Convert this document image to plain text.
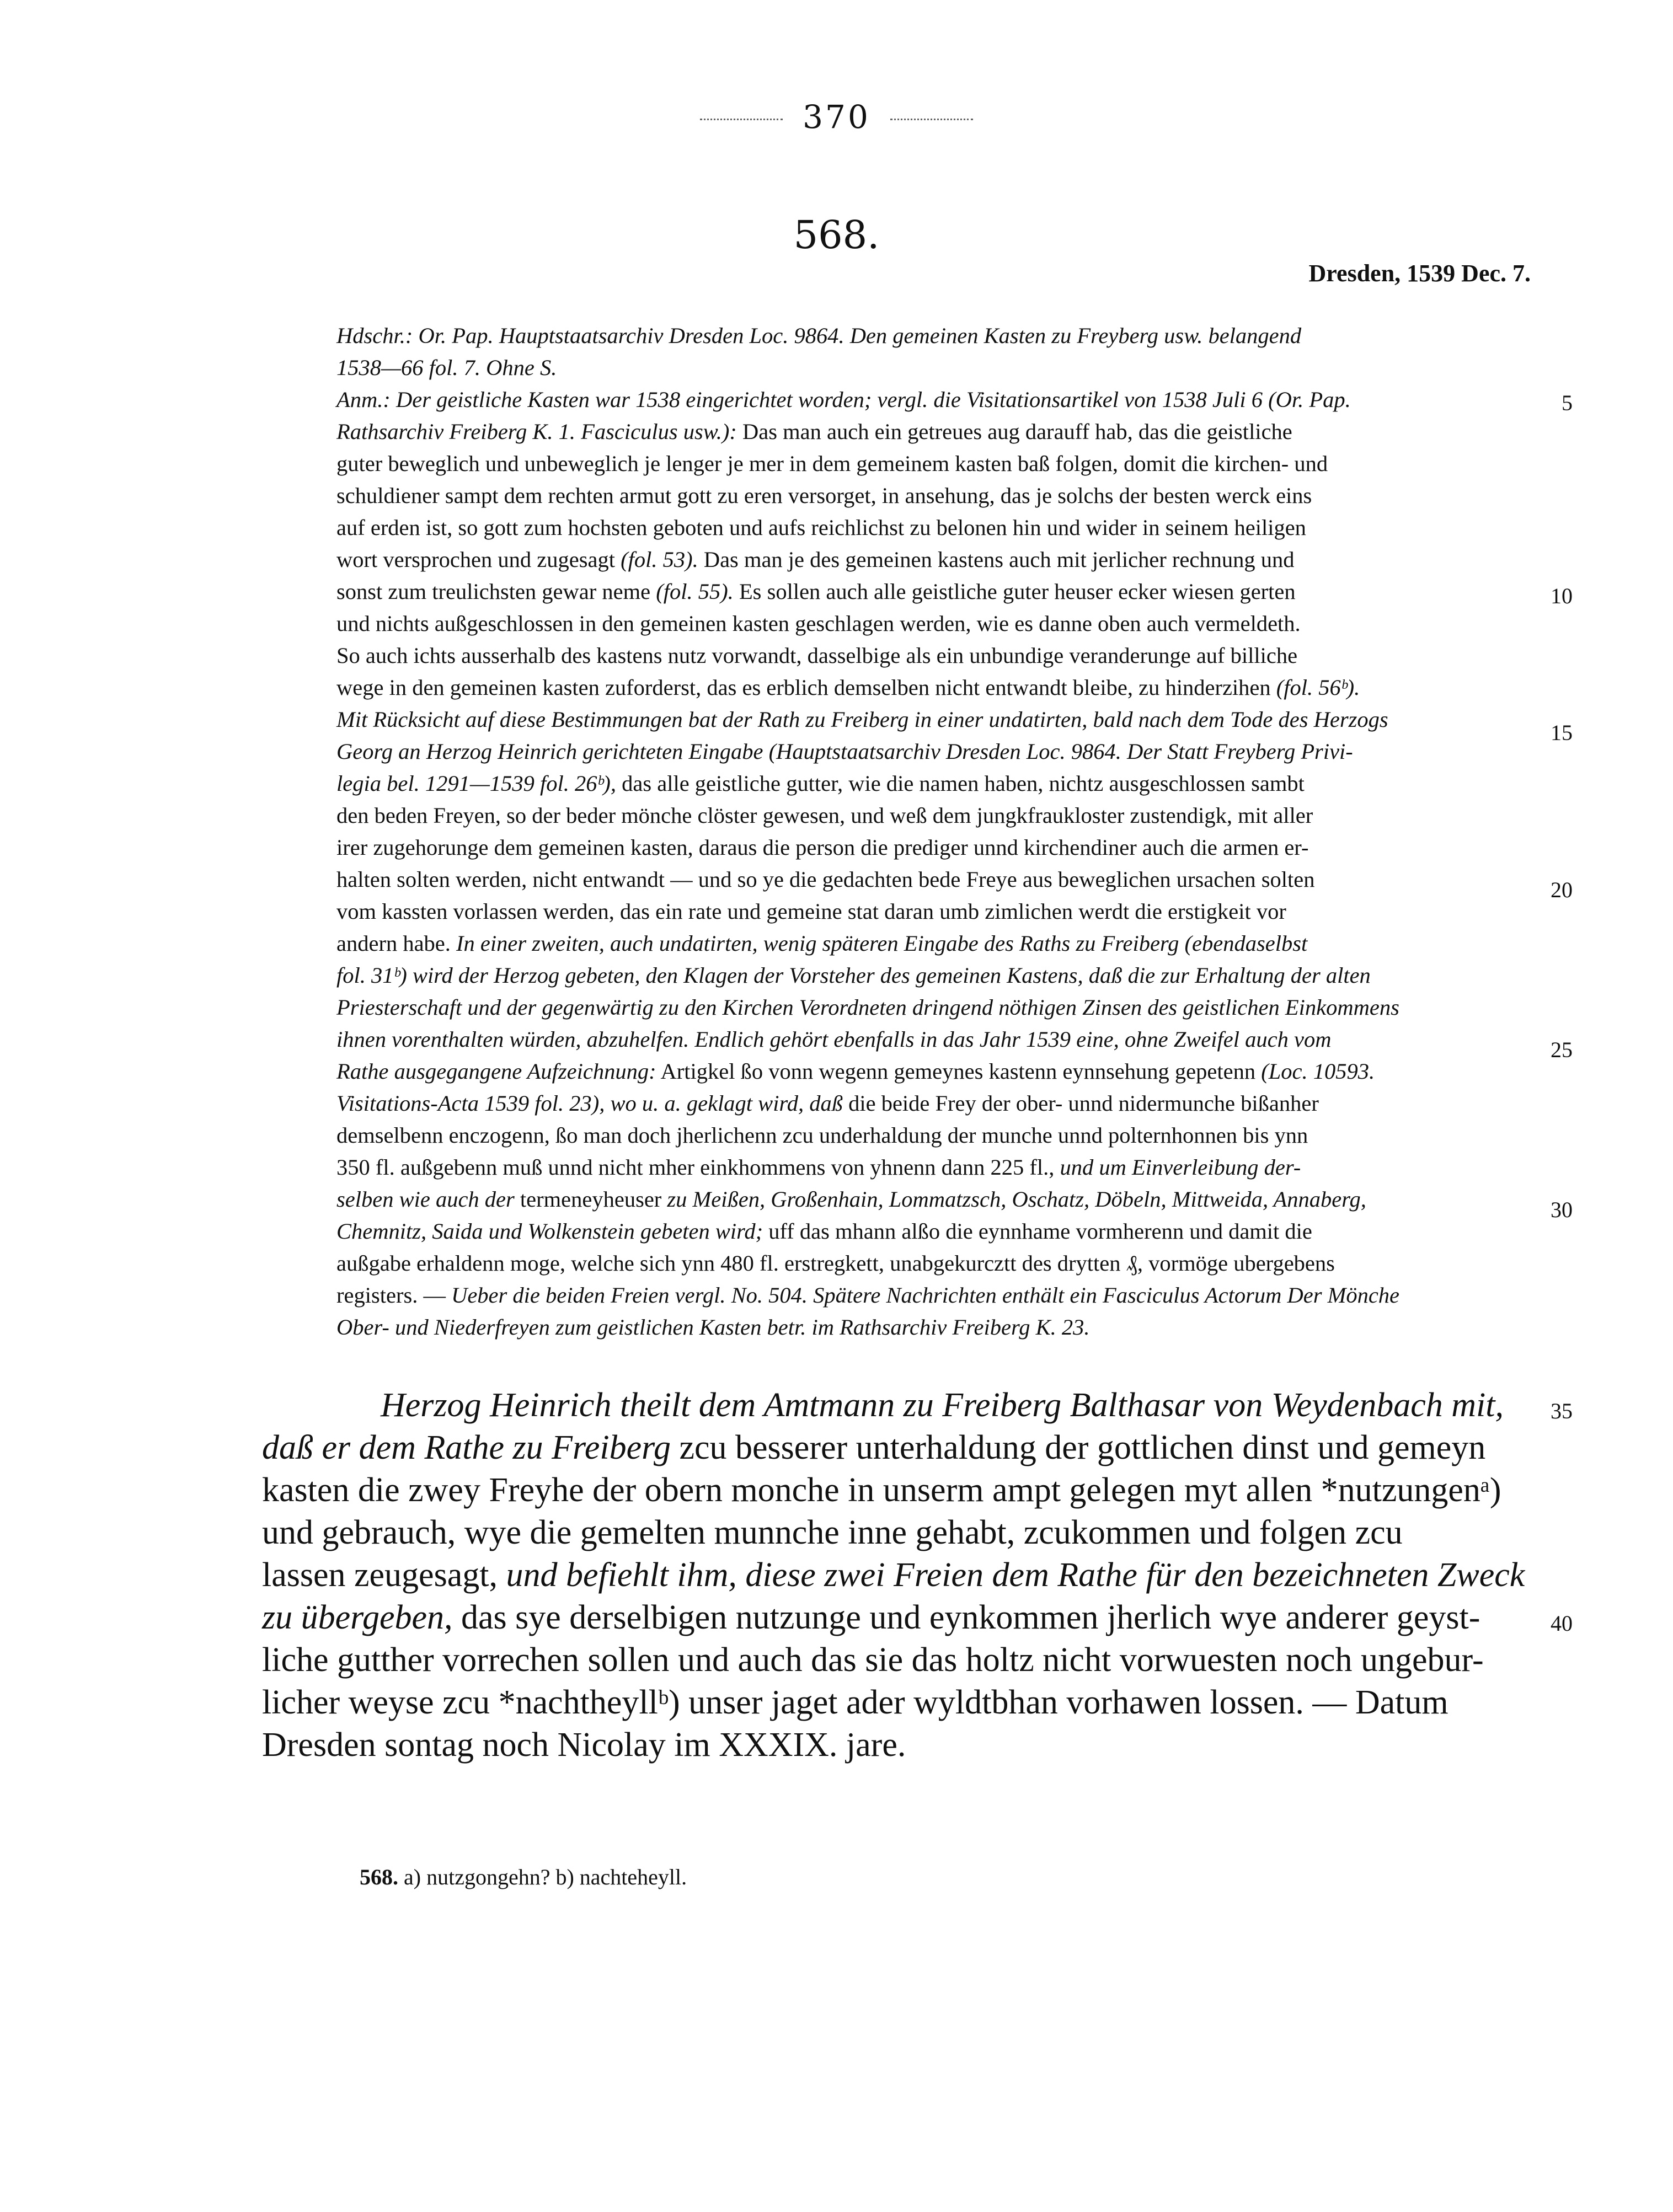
370
568.
Dresden, 1539 Dec. 7.
Hdschr.: Or. Pap. Hauptstaatsarchiv Dresden Loc. 9864. Den gemeinen Kasten zu Freyberg usw. belangend
1538—66 fol. 7. Ohne S.
Anm.: Der geistliche Kasten war 1538 eingerichtet worden; vergl. die Visitationsartikel von 1538 Juli 6 (Or. Pap.
Rathsarchiv Freiberg K. 1. Fasciculus usw.): Das man auch ein getreues aug darauff hab, das die geistliche
guter beweglich und unbeweglich je lenger je mer in dem gemeinem kasten baß folgen, domit die kirchen- und
schuldiener sampt dem rechten armut gott zu eren versorget, in ansehung, das je solchs der besten werck eins
auf erden ist, so gott zum hochsten geboten und aufs reichlichst zu belonen hin und wider in seinem heiligen
wort versprochen und zugesagt (fol. 53). Das man je des gemeinen kastens auch mit jerlicher rechnung und
sonst zum treulichsten gewar neme (fol. 55). Es sollen auch alle geistliche guter heuser ecker wiesen gerten
und nichts außgeschlossen in den gemeinen kasten geschlagen werden, wie es danne oben auch vermeldeth.
So auch ichts ausserhalb des kastens nutz vorwandt, dasselbige als ein unbundige veranderunge auf billiche
wege in den gemeinen kasten zuforderst, das es erblich demselben nicht entwandt bleibe, zu hinderzihen (fol. 56ᵇ).
Mit Rücksicht auf diese Bestimmungen bat der Rath zu Freiberg in einer undatirten, bald nach dem Tode des Herzogs
Georg an Herzog Heinrich gerichteten Eingabe (Hauptstaatsarchiv Dresden Loc. 9864. Der Statt Freyberg Privi-
legia bel. 1291—1539 fol. 26ᵇ), das alle geistliche gutter, wie die namen haben, nichtz ausgeschlossen sambt
den beden Freyen, so der beder mönche clöster gewesen, und weß dem jungkfraukloster zustendigk, mit aller
irer zugehorunge dem gemeinen kasten, daraus die person die prediger unnd kirchendiner auch die armen er-
halten solten werden, nicht entwandt — und so ye die gedachten bede Freye aus beweglichen ursachen solten
vom kassten vorlassen werden, das ein rate und gemeine stat daran umb zimlichen werdt die erstigkeit vor
andern habe. In einer zweiten, auch undatirten, wenig späteren Eingabe des Raths zu Freiberg (ebendaselbst
fol. 31ᵇ) wird der Herzog gebeten, den Klagen der Vorsteher des gemeinen Kastens, daß die zur Erhaltung der alten
Priesterschaft und der gegenwärtig zu den Kirchen Verordneten dringend nöthigen Zinsen des geistlichen Einkommens
ihnen vorenthalten würden, abzuhelfen. Endlich gehört ebenfalls in das Jahr 1539 eine, ohne Zweifel auch vom
Rathe ausgegangene Aufzeichnung: Artigkel ßo vonn wegenn gemeynes kastenn eynnsehung gepetenn (Loc. 10593.
Visitations-Acta 1539 fol. 23), wo u. a. geklagt wird, daß die beide Frey der ober- unnd nidermunche bißanher
demselbenn enczogenn, ßo man doch jherlichenn zcu underhaldung der munche unnd polternhonnen bis ynn
350 fl. außgebenn muß unnd nicht mher einkhommens von yhnenn dann 225 fl., und um Einverleibung der-
selben wie auch der termeneyheuser zu Meißen, Großenhain, Lommatzsch, Oschatz, Döbeln, Mittweida, Annaberg,
Chemnitz, Saida und Wolkenstein gebeten wird; uff das mhann alßo die eynnhame vormherenn und damit die
außgabe erhaldenn moge, welche sich ynn 480 fl. erstregkett, unabgekurcztt des drytten ₰, vormöge ubergebens
registers. — Ueber die beiden Freien vergl. No. 504. Spätere Nachrichten enthält ein Fasciculus Actorum Der Mönche
Ober- und Niederfreyen zum geistlichen Kasten betr. im Rathsarchiv Freiberg K. 23.
Herzog Heinrich theilt dem Amtmann zu Freiberg Balthasar von Weydenbach mit,
daß er dem Rathe zu Freiberg zcu besserer unterhaldung der gottlichen dinst und gemeyn
kasten die zwey Freyhe der obern monche in unserm ampt gelegen myt allen *nutzungenᵃ)
und gebrauch, wye die gemelten munnche inne gehabt, zcukommen und folgen zcu
lassen zeugesagt, und befiehlt ihm, diese zwei Freien dem Rathe für den bezeichneten Zweck
zu übergeben, das sye derselbigen nutzunge und eynkommen jherlich wye anderer geyst-
liche gutther vorrechen sollen und auch das sie das holtz nicht vorwuesten noch ungebur-
licher weyse zcu *nachtheyllᵇ) unser jaget ader wyldtbhan vorhawen lossen. — Datum
Dresden sontag noch Nicolay im XXXIX. jare.
5
10
15
20
25
30
35
40
568. a) nutzgongehn? b) nachteheyll.
